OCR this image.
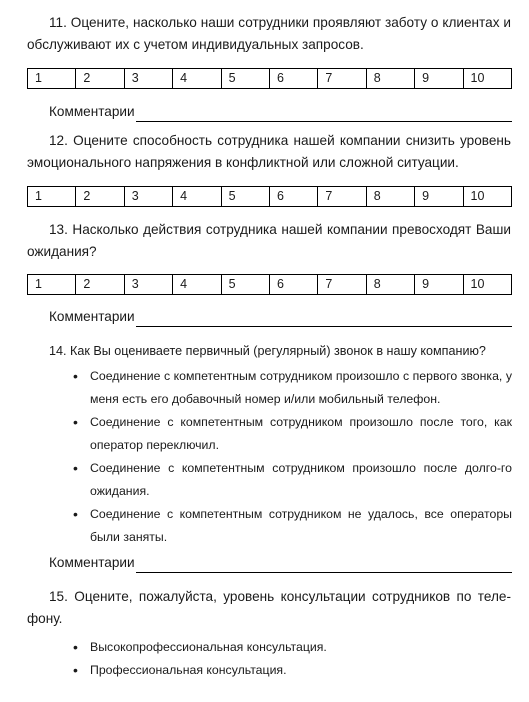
11. Оцените, насколько наши сотрудники проявляют заботу о клиентах и обслуживают их с учетом индивидуальных запросов.

1	2	3	4	5	6	7	8	9	10
Комментарии

12. Оцените способность сотрудника нашей компании снизить уровень эмоционального напряжения в конфликтной или сложной ситуации.

1	2	3	4	5	6	7	8	9	10

13. Насколько действия сотрудника нашей компании превосходят Ваши ожидания?

1	2	3	4	5	6	7	8	9	10
Комментарии

14. Как Вы оцениваете первичный (регулярный) звонок в нашу компанию?

• Соединение с компетентным сотрудником произошло с первого звонка, у меня есть его добавочный номер и/или мобильный телефон.
• Соединение с компетентным сотрудником произошло после того, как оператор переключил.
• Соединение с компетентным сотрудником произошло после долго-го ожидания.
• Соединение с компетентным сотрудником не удалось, все операторы были заняты.
Комментарии

15. Оцените, пожалуйста, уровень консультации сотрудников по теле-фону.

• Высокопрофессиональная консультация.
• Профессиональная консультация.
